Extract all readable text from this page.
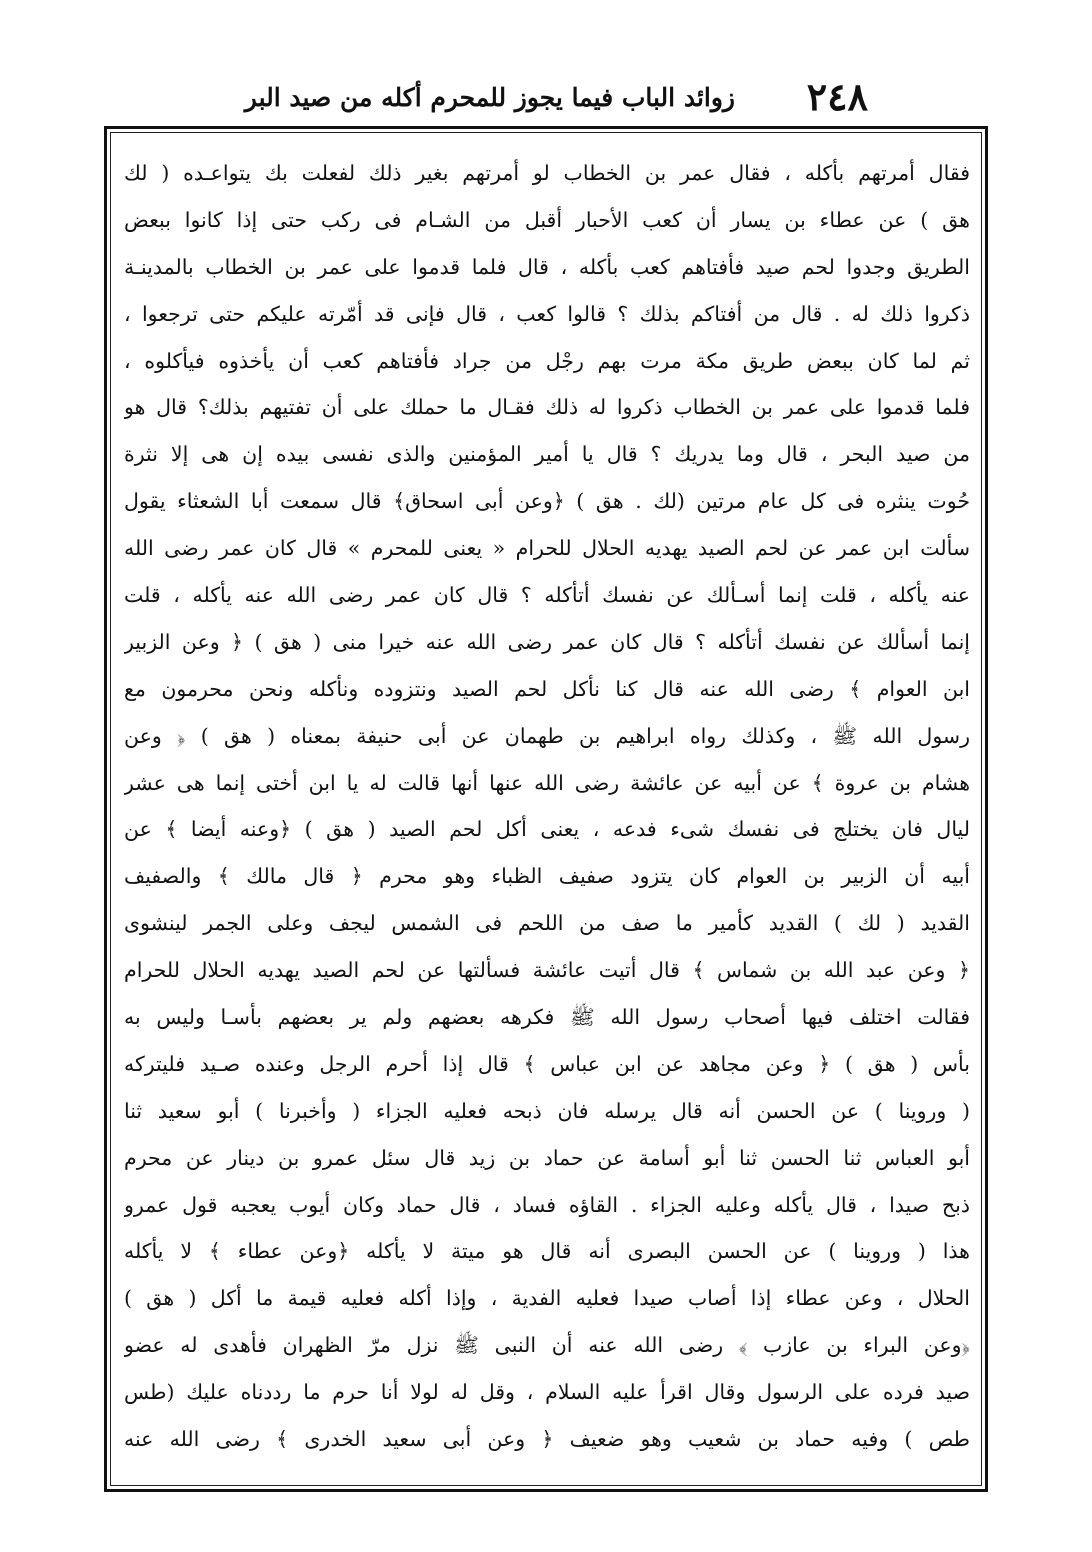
٢٤٨
زوائد الباب فيما يجوز للمحرم أكله من صيد البر
فقال أمرتهم بأكله ، فقال عمر بن الخطاب لو أمرتهم بغير ذلك لفعلت بك يتواعـده ( لك
هق ) عن عطاء بن يسار أن كعب الأحبار أقبل من الشـام فى ركب حتى إذا كانوا ببعض
الطريق وجدوا لحم صيد فأفتاهم كعب بأكله ، قال فلما قدموا على عمر بن الخطاب بالمدينـة
ذكروا ذلك له . قال من أفتاكم بذلك ؟ قالوا كعب ، قال فإنى قد أمّرته عليكم حتى ترجعوا ،
ثم لما كان ببعض طريق مكة مرت بهم رجْل من جراد فأفتاهم كعب أن يأخذوه فيأكلوه ،
فلما قدموا على عمر بن الخطاب ذكروا له ذلك فقـال ما حملك على أن تفتيهم بذلك؟ قال هو
من صيد البحر ، قال وما يدريك ؟ قال يا أمير المؤمنين والذى نفسى بيده إن هى إلا نثرة
حُوت ينثره فى كل عام مرتين (لك . هق ) ﴿وعن أبى اسحاق﴾ قال سمعت أبا الشعثاء يقول
سألت ابن عمر عن لحم الصيد يهديه الحلال للحرام « يعنى للمحرم » قال كان عمر رضى الله
عنه يأكله ، قلت إنما أسـألك عن نفسك أتأكله ؟ قال كان عمر رضى الله عنه يأكله ، قلت
إنما أسألك عن نفسك أتأكله ؟ قال كان عمر رضى الله عنه خيرا منى ( هق ) ﴿ وعن الزبير
ابن العوام ﴾ رضى الله عنه قال كنا نأكل لحم الصيد ونتزوده ونأكله ونحن محرمون مع
رسول الله ﷺ ، وكذلك رواه ابراهيم بن طهمان عن أبى حنيفة بمعناه ( هق ) ﴿ وعن
هشام بن عروة ﴾ عن أبيه عن عائشة رضى الله عنها أنها قالت له يا ابن أختى إنما هى عشر
ليال فان يختلج فى نفسك شىء فدعه ، يعنى أكل لحم الصيد ( هق ) ﴿وعنه أيضا ﴾ عن
أبيه أن الزبير بن العوام كان يتزود صفيف الظباء وهو محرم ﴿ قال مالك ﴾ والصفيف
القديد ( لك ) القديد كأمير ما صف من اللحم فى الشمس ليجف وعلى الجمر لينشوى
﴿ وعن عبد الله بن شماس ﴾ قال أتيت عائشة فسألتها عن لحم الصيد يهديه الحلال للحرام
فقالت اختلف فيها أصحاب رسول الله ﷺ فكرهه بعضهم ولم ير بعضهم بأسـا وليس به
بأس ( هق ) ﴿ وعن مجاهد عن ابن عباس ﴾ قال إذا أحرم الرجل وعنده صـيد فليتركه
( وروينا ) عن الحسن أنه قال يرسله فان ذبحه فعليه الجزاء ( وأخبرنا ) أبو سعيد ثنا
أبو العباس ثنا الحسن ثنا أبو أسامة عن حماد بن زيد قال سئل عمرو بن دينار عن محرم
ذبح صيدا ، قال يأكله وعليه الجزاء . القاؤه فساد ، قال حماد وكان أيوب يعجبه قول عمرو
هذا ( وروينا ) عن الحسن البصرى أنه قال هو ميتة لا يأكله ﴿وعن عطاء ﴾ لا يأكله
الحلال ، وعن عطاء إذا أصاب صيدا فعليه الفدية ، وإذا أكله فعليه قيمة ما أكل ( هق )
﴿وعن البراء بن عازب ﴾ رضى الله عنه أن النبى ﷺ نزل مرّ الظهران فأهدى له عضو
صيد فرده على الرسول وقال اقرأ عليه السلام ، وقل له لولا أنا حرم ما رددناه عليك (طس
طص ) وفيه حماد بن شعيب وهو ضعيف ﴿ وعن أبى سعيد الخدرى ﴾ رضى الله عنه
